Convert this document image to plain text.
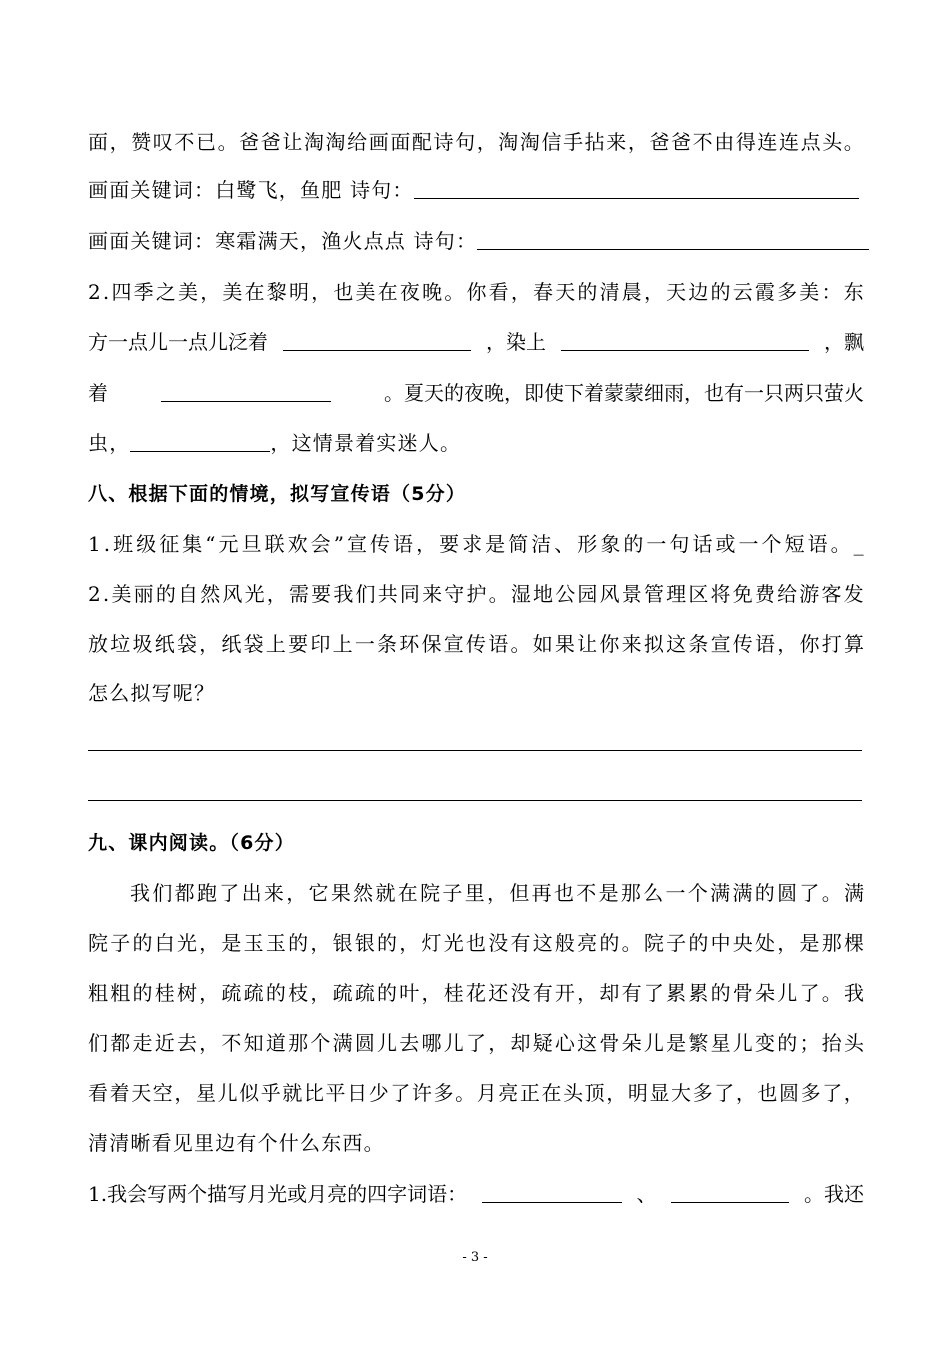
面 ， 赞 叹 不 已 。 爸 爸 让 淘 淘 给 画 面 配 诗 句 ， 淘 淘 信 手 拈 来 ， 爸 爸 不 由 得 连 连 点 头 。
画面关键词：白鹭飞，鱼肥 诗句：
画面关键词：寒霜满天，渔火点点 诗句：
2 . 四 季 之 美 ， 美 在 黎 明 ， 也 美 在 夜 晚 。 你 看 ， 春 天 的 清 晨 ， 天 边 的 云 霞 多 美 ： 东
方一点儿一点儿泛着	，染上	，飘
着	。夏天的夜晚，即使下着蒙蒙细雨，也有一只两只萤火
虫，	，这情景着实迷人。
八、根据下面的情境，拟写宣传语（5分）
1 . 班 级 征 集 “ 元 旦 联 欢 会 ” 宣 传 语 ， 要 求 是 简 洁 、 形 象 的 一 句 话 或 一 个 短 语 。 _
2 . 美 丽 的 自 然 风 光 ， 需 要 我 们 共 同 来 守 护 。 湿 地 公 园 风 景 管 理 区 将 免 费 给 游 客 发
放 垃 圾 纸 袋 ， 纸 袋 上 要 印 上 一 条 环 保 宣 传 语 。 如 果 让 你 来 拟 这 条 宣 传 语 ， 你 打 算
怎么拟写呢？
九、课内阅读。（6分）
我 们 都 跑 了 出 来 ， 它 果 然 就 在 院 子 里 ， 但 再 也 不 是 那 么 一 个 满 满 的 圆 了 。 满
院 子 的 白 光 ， 是 玉 玉 的 ， 银 银 的 ， 灯 光 也 没 有 这 般 亮 的 。 院 子 的 中 央 处 ， 是 那 棵
粗 粗 的 桂 树 ， 疏 疏 的 枝 ， 疏 疏 的 叶 ， 桂 花 还 没 有 开 ， 却 有 了 累 累 的 骨 朵 儿 了 。 我
们 都 走 近 去 ， 不 知 道 那 个 满 圆 儿 去 哪 儿 了 ， 却 疑 心 这 骨 朵 儿 是 繁 星 儿 变 的 ； 抬 头
看 着 天 空 ， 星 儿 似 乎 就 比 平 日 少 了 许 多 。 月 亮 正 在 头 顶 ， 明 显 大 多 了 ， 也 圆 多 了 ，
清清晰看见里边有个什么东西。
1.我会写两个描写月光或月亮的四字词语：	、	。我还
- 3 -
